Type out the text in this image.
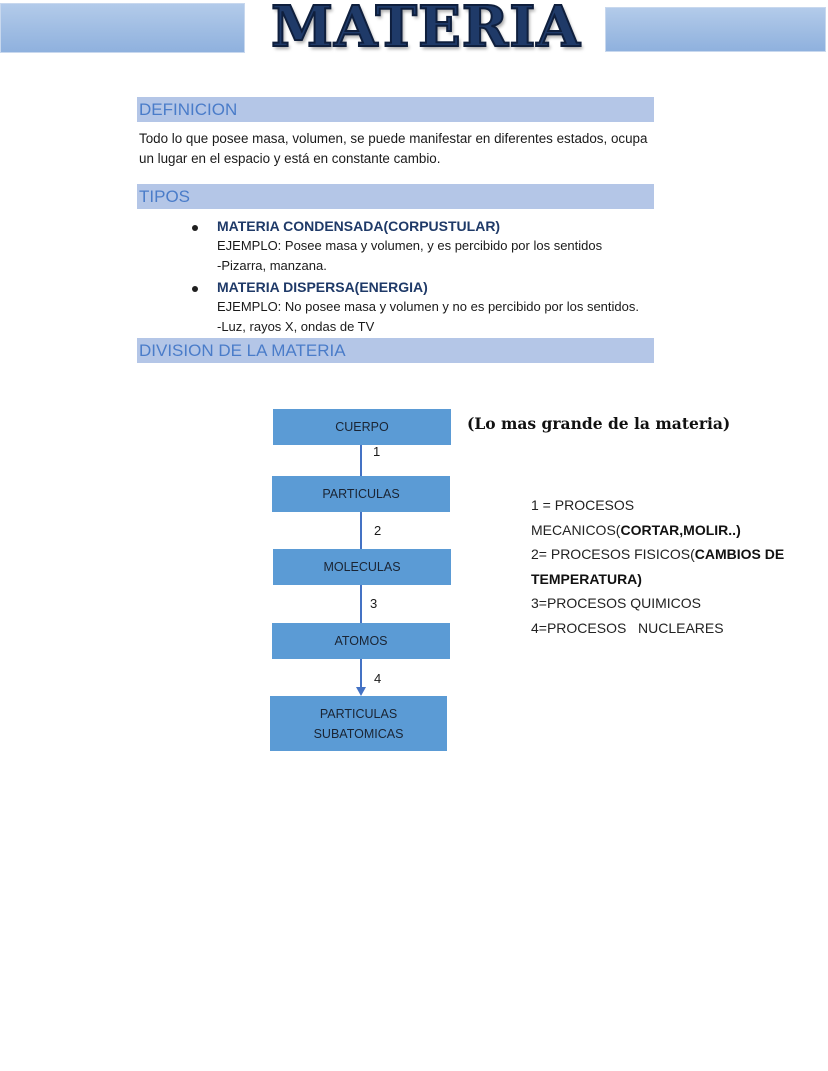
MATERIA
DEFINICION
Todo lo que posee masa, volumen, se puede manifestar en diferentes estados, ocupa
un lugar en el espacio y está en constante cambio.
TIPOS
MATERIA CONDENSADA(CORPUSTULAR)
EJEMPLO: Posee masa y volumen, y es percibido por los sentidos
-Pizarra, manzana.
MATERIA DISPERSA(ENERGIA)
EJEMPLO: No posee masa y volumen y no es percibido por los sentidos.
-Luz, rayos X, ondas de TV
DIVISION DE LA MATERIA
CUERPO
PARTICULAS
MOLECULAS
ATOMOS
PARTICULAS
SUBATOMICAS
1
2
3
4
(Lo mas grande de la materia)
1 = PROCESOS
MECANICOS(CORTAR,MOLIR..)
2= PROCESOS FISICOS(CAMBIOS DE
TEMPERATURA)
3=PROCESOS QUIMICOS
4=PROCESOS   NUCLEARES
